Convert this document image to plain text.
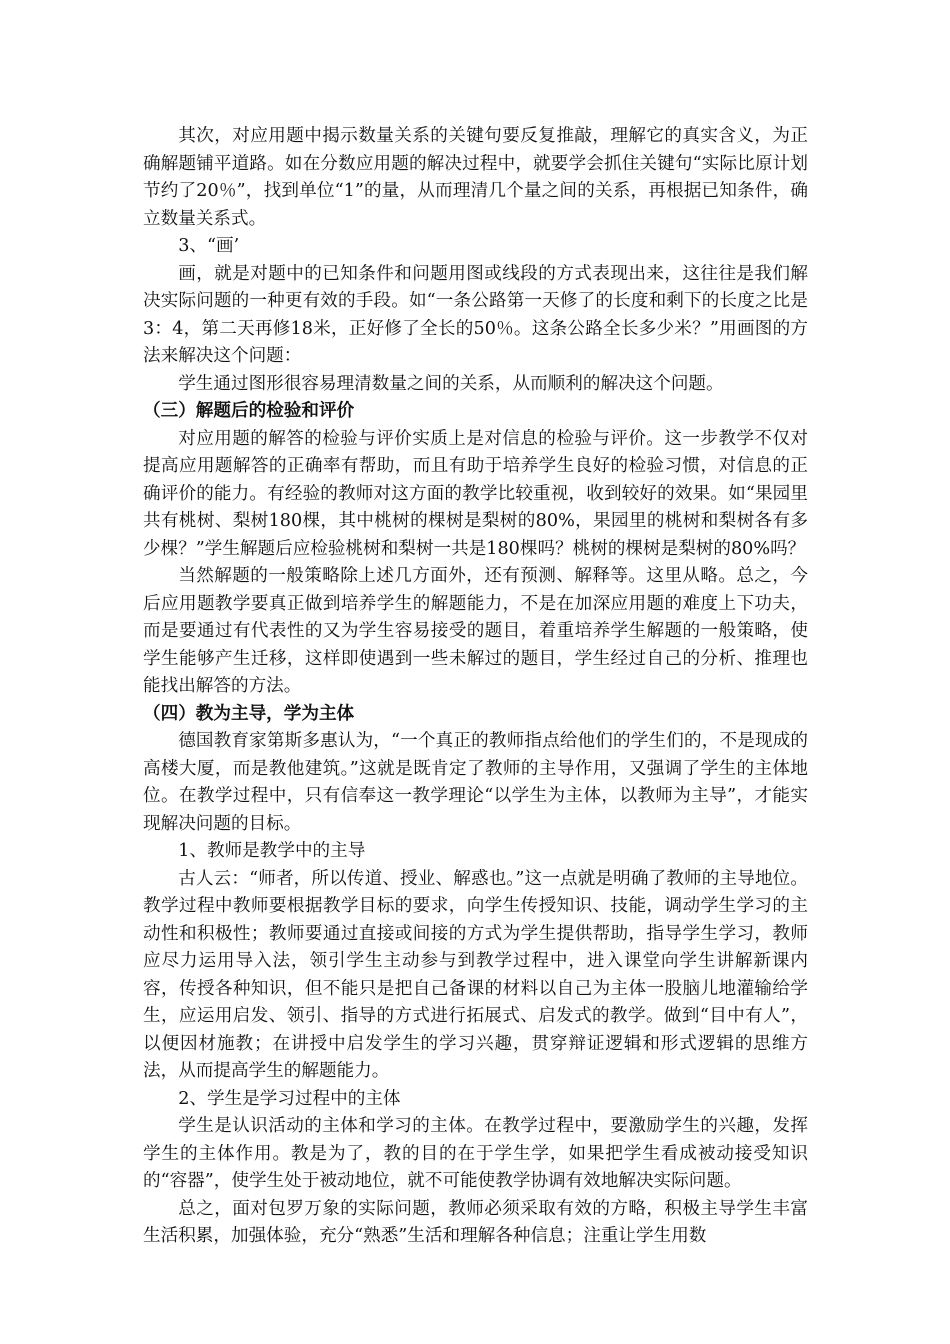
其次，对应用题中揭示数量关系的关键句要反复推敲，理解它的真实含义，为正确解题铺平道路。如在分数应用题的解决过程中，就要学会抓住关键句“实际比原计划节约了20％”，找到单位“1”的量，从而理清几个量之间的关系，再根据已知条件，确立数量关系式。

3、“画’

画，就是对题中的已知条件和问题用图或线段的方式表现出来，这往往是我们解决实际问题的一种更有效的手段。如“一条公路第一天修了的长度和剩下的长度之比是3：4，第二天再修18米，正好修了全长的50％。这条公路全长多少米？”用画图的方法来解决这个问题：

学生通过图形很容易理清数量之间的关系，从而顺利的解决这个问题。

（三）解题后的检验和评价

对应用题的解答的检验与评价实质上是对信息的检验与评价。这一步教学不仅对提高应用题解答的正确率有帮助，而且有助于培养学生良好的检验习惯，对信息的正确评价的能力。有经验的教师对这方面的教学比较重视，收到较好的效果。如“果园里共有桃树、梨树180棵，其中桃树的棵树是梨树的80%，果园里的桃树和梨树各有多少棵？”学生解题后应检验桃树和梨树一共是180棵吗？桃树的棵树是梨树的80%吗？

当然解题的一般策略除上述几方面外，还有预测、解释等。这里从略。总之，今后应用题教学要真正做到培养学生的解题能力，不是在加深应用题的难度上下功夫，而是要通过有代表性的又为学生容易接受的题目，着重培养学生解题的一般策略，使学生能够产生迁移，这样即使遇到一些未解过的题目，学生经过自己的分析、推理也能找出解答的方法。

（四）教为主导，学为主体

德国教育家第斯多惠认为，“一个真正的教师指点给他们的学生们的，不是现成的高楼大厦，而是教他建筑。”这就是既肯定了教师的主导作用，又强调了学生的主体地位。在教学过程中，只有信奉这一教学理论“以学生为主体，以教师为主导”，才能实现解决问题的目标。

1、教师是教学中的主导

古人云：“师者，所以传道、授业、解惑也。”这一点就是明确了教师的主导地位。教学过程中教师要根据教学目标的要求，向学生传授知识、技能，调动学生学习的主动性和积极性；教师要通过直接或间接的方式为学生提供帮助，指导学生学习，教师应尽力运用导入法，领引学生主动参与到教学过程中，进入课堂向学生讲解新课内容，传授各种知识，但不能只是把自己备课的材料以自己为主体一股脑儿地灌输给学生，应运用启发、领引、指导的方式进行拓展式、启发式的教学。做到“目中有人”，以便因材施教；在讲授中启发学生的学习兴趣，贯穿辩证逻辑和形式逻辑的思维方法，从而提高学生的解题能力。

2、学生是学习过程中的主体

学生是认识活动的主体和学习的主体。在教学过程中，要激励学生的兴趣，发挥学生的主体作用。教是为了，教的目的在于学生学，如果把学生看成被动接受知识的“容器”，使学生处于被动地位，就不可能使教学协调有效地解决实际问题。

总之，面对包罗万象的实际问题，教师必须采取有效的方略，积极主导学生丰富生活积累，加强体验，充分“熟悉”生活和理解各种信息；注重让学生用数
